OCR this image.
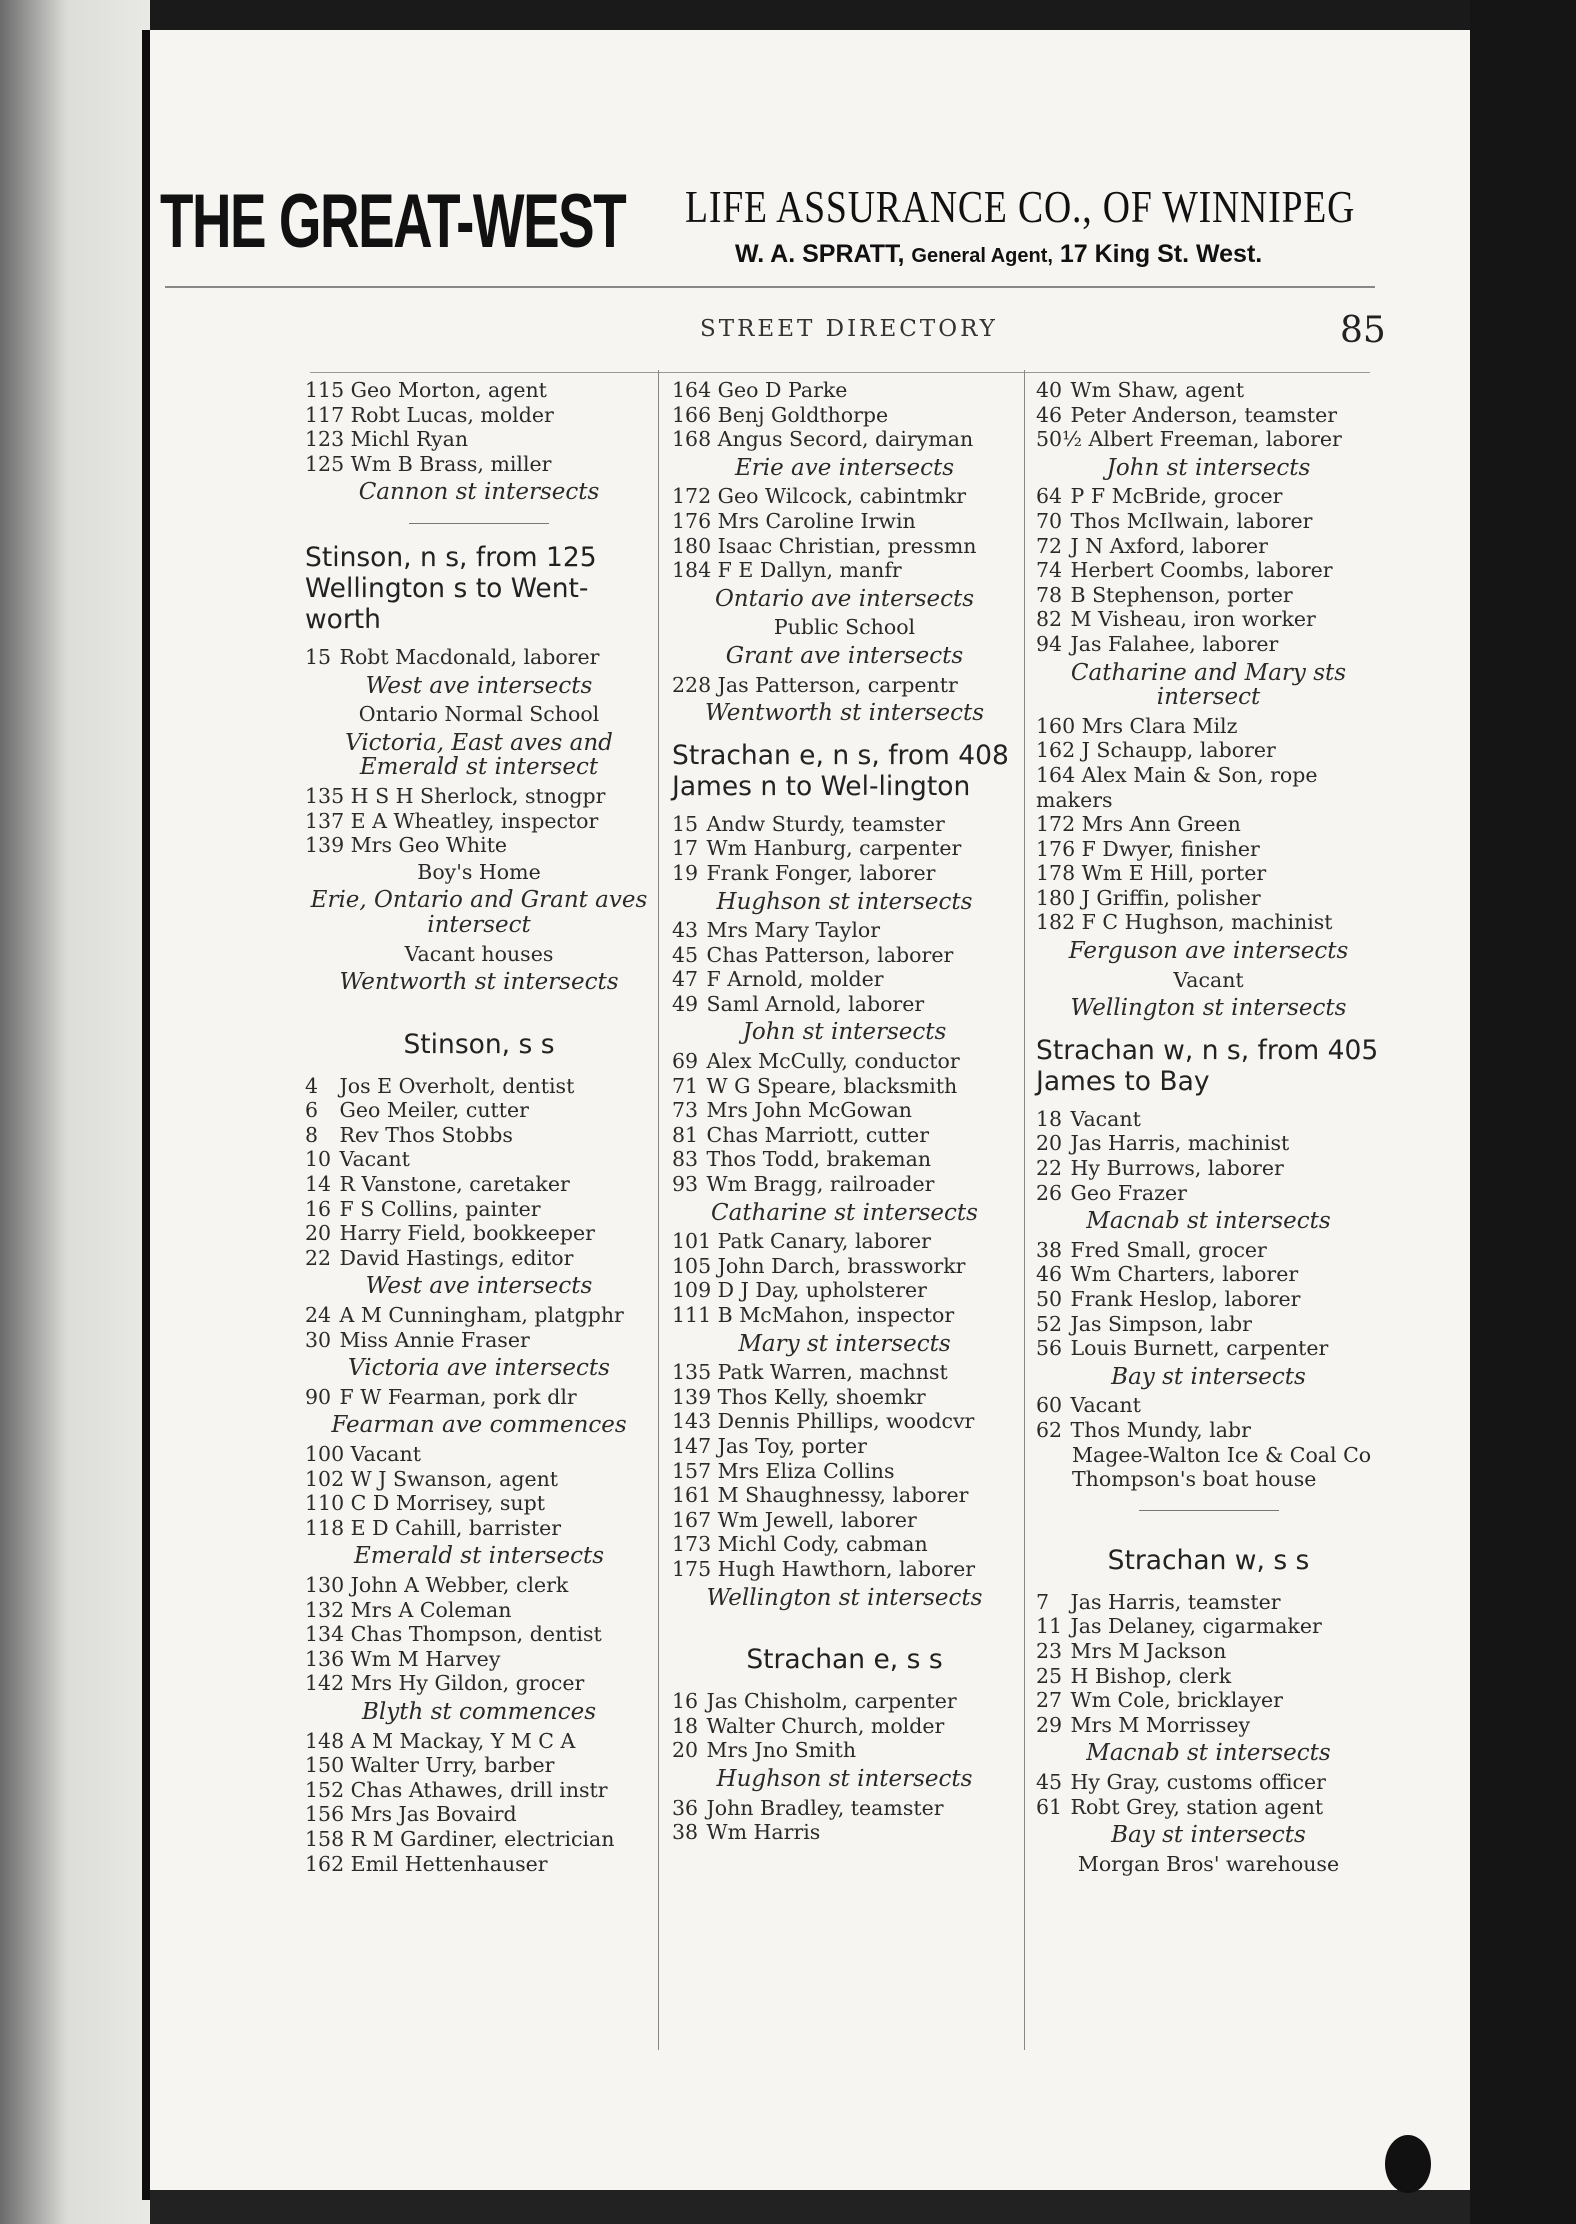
THE GREAT-WEST LIFE ASSURANCE CO., OF WINNIPEG
W. A. SPRATT, General Agent, 17 King St. West.
STREET DIRECTORY	85
115 Geo Morton, agent
117 Robt Lucas, molder
123 Michl Ryan
125 Wm B Brass, miller
Cannon st intersects
Stinson, n s, from 125 Wellington s to Went-worth
15 Robt Macdonald, laborer
West ave intersects
Ontario Normal School
Victoria, East aves and Emerald st intersect
135 H S H Sherlock, stnogpr
137 E A Wheatley, inspector
139 Mrs Geo White
Boy's Home
Erie, Ontario and Grant aves intersect
Vacant houses
Wentworth st intersects
Stinson, s s
4 Jos E Overholt, dentist
6 Geo Meiler, cutter
8 Rev Thos Stobbs
10 Vacant
14 R Vanstone, caretaker
16 F S Collins, painter
20 Harry Field, bookkeeper
22 David Hastings, editor
West ave intersects
24 A M Cunningham, platgphr
30 Miss Annie Fraser
Victoria ave intersects
90 F W Fearman, pork dlr
Fearman ave commences
100 Vacant
102 W J Swanson, agent
110 C D Morrisey, supt
118 E D Cahill, barrister
Emerald st intersects
130 John A Webber, clerk
132 Mrs A Coleman
134 Chas Thompson, dentist
136 Wm M Harvey
142 Mrs Hy Gildon, grocer
Blyth st commences
148 A M Mackay, Y M C A
150 Walter Urry, barber
152 Chas Athawes, drill instr
156 Mrs Jas Bovaird
158 R M Gardiner, electrician
162 Emil Hettenhauser
164 Geo D Parke
166 Benj Goldthorpe
168 Angus Secord, dairyman
Erie ave intersects
172 Geo Wilcock, cabintmkr
176 Mrs Caroline Irwin
180 Isaac Christian, pressmn
184 F E Dallyn, manfr
Ontario ave intersects
Public School
Grant ave intersects
228 Jas Patterson, carpentr
Wentworth st intersects
Strachan e, n s, from 408 James n to Wel-lington
15 Andw Sturdy, teamster
17 Wm Hanburg, carpenter
19 Frank Fonger, laborer
Hughson st intersects
43 Mrs Mary Taylor
45 Chas Patterson, laborer
47 F Arnold, molder
49 Saml Arnold, laborer
John st intersects
69 Alex McCully, conductor
71 W G Speare, blacksmith
73 Mrs John McGowan
81 Chas Marriott, cutter
83 Thos Todd, brakeman
93 Wm Bragg, railroader
Catharine st intersects
101 Patk Canary, laborer
105 John Darch, brassworkr
109 D J Day, upholsterer
111 B McMahon, inspector
Mary st intersects
135 Patk Warren, machnst
139 Thos Kelly, shoemkr
143 Dennis Phillips, woodcvr
147 Jas Toy, porter
157 Mrs Eliza Collins
161 M Shaughnessy, laborer
167 Wm Jewell, laborer
173 Michl Cody, cabman
175 Hugh Hawthorn, laborer
Wellington st intersects
Strachan e, s s
16 Jas Chisholm, carpenter
18 Walter Church, molder
20 Mrs Jno Smith
Hughson st intersects
36 John Bradley, teamster
38 Wm Harris
40 Wm Shaw, agent
46 Peter Anderson, teamster
50½ Albert Freeman, laborer
John st intersects
64 P F McBride, grocer
70 Thos McIlwain, laborer
72 J N Axford, laborer
74 Herbert Coombs, laborer
78 B Stephenson, porter
82 M Visheau, iron worker
94 Jas Falahee, laborer
Catharine and Mary sts intersect
160 Mrs Clara Milz
162 J Schaupp, laborer
164 Alex Main & Son, rope makers
172 Mrs Ann Green
176 F Dwyer, finisher
178 Wm E Hill, porter
180 J Griffin, polisher
182 F C Hughson, machinist
Ferguson ave intersects
Vacant
Wellington st intersects
Strachan w, n s, from 405 James to Bay
18 Vacant
20 Jas Harris, machinist
22 Hy Burrows, laborer
26 Geo Frazer
Macnab st intersects
38 Fred Small, grocer
46 Wm Charters, laborer
50 Frank Heslop, laborer
52 Jas Simpson, labr
56 Louis Burnett, carpenter
Bay st intersects
60 Vacant
62 Thos Mundy, labr
Magee-Walton Ice & Coal Co
Thompson's boat house
Strachan w, s s
7 Jas Harris, teamster
11 Jas Delaney, cigarmaker
23 Mrs M Jackson
25 H Bishop, clerk
27 Wm Cole, bricklayer
29 Mrs M Morrissey
Macnab st intersects
45 Hy Gray, customs officer
61 Robt Grey, station agent
Bay st intersects
Morgan Bros' warehouse
